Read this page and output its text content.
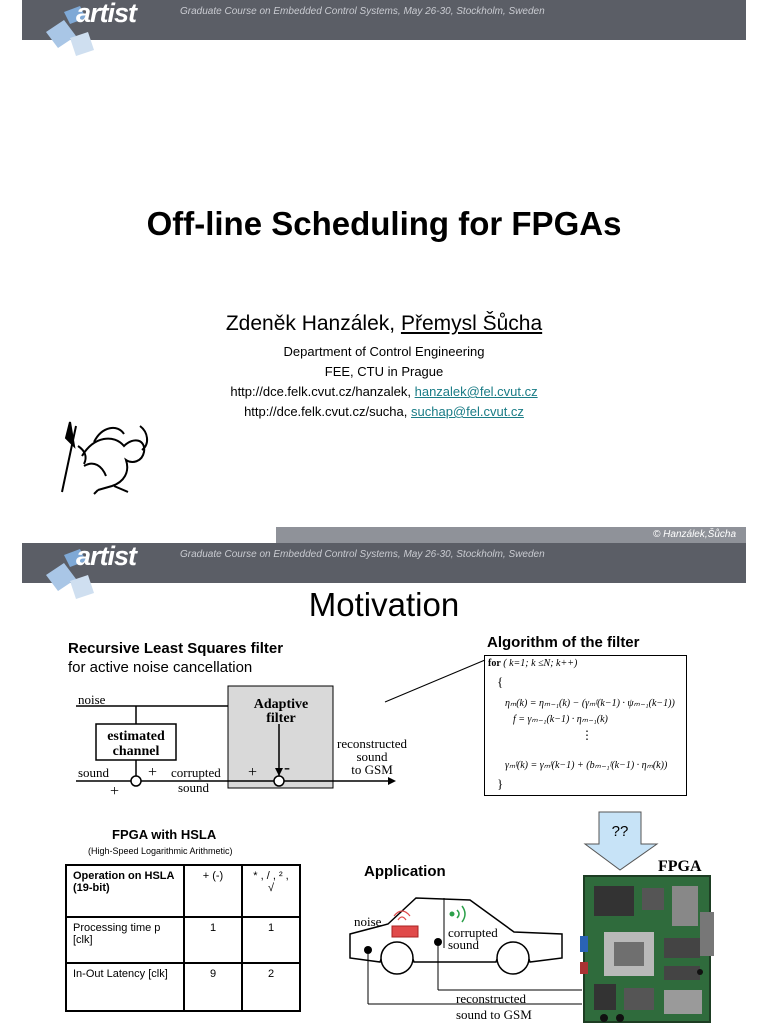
Graduate Course on Embedded Control Systems, May 26-30, Stockholm, Sweden
artist
Off-line Scheduling for FPGAs
Zdeněk Hanzálek, Přemysl Šůcha
Department of Control Engineering
FEE, CTU in Prague
http://dce.felk.cvut.cz/hanzalek, hanzalek@fel.cvut.cz
http://dce.felk.cvut.cz/sucha, suchap@fel.cvut.cz
© Hanzálek,Šůcha
Graduate Course on Embedded Control Systems, May 26-30, Stockholm, Sweden
artist
Motivation
Recursive Least Squares filter
for active noise cancellation
Algorithm of the filter
noise	Adaptive
filter
estimated
channel
sound +
+
+ -
corrupted
sound
reconstructed
sound
to GSM
for ( k=1; k ≤N; k++)
{
ηₘ(k) = ηₘ₋₁(k) − (γₘᶠ(k−1) · ψₘ₋₁(k−1))
f = γₘ₋₁(k−1) · ηₘ₋₁(k)
⋮
γₘᶠ(k) = γₘᶠ(k−1) + (bₘ₋₁ᶠ(k−1) · ηₘ(k))
}
??
FPGA
FPGA with HSLA
(High-Speed Logarithmic Arithmetic)
Operation on HSLA (19-bit)	+ (-)	* , / , ² , √
Processing time p [clk]	1	1
In-Out Latency [clk]	9	2
Application
noise
corrupted
sound
reconstructed
sound to GSM
